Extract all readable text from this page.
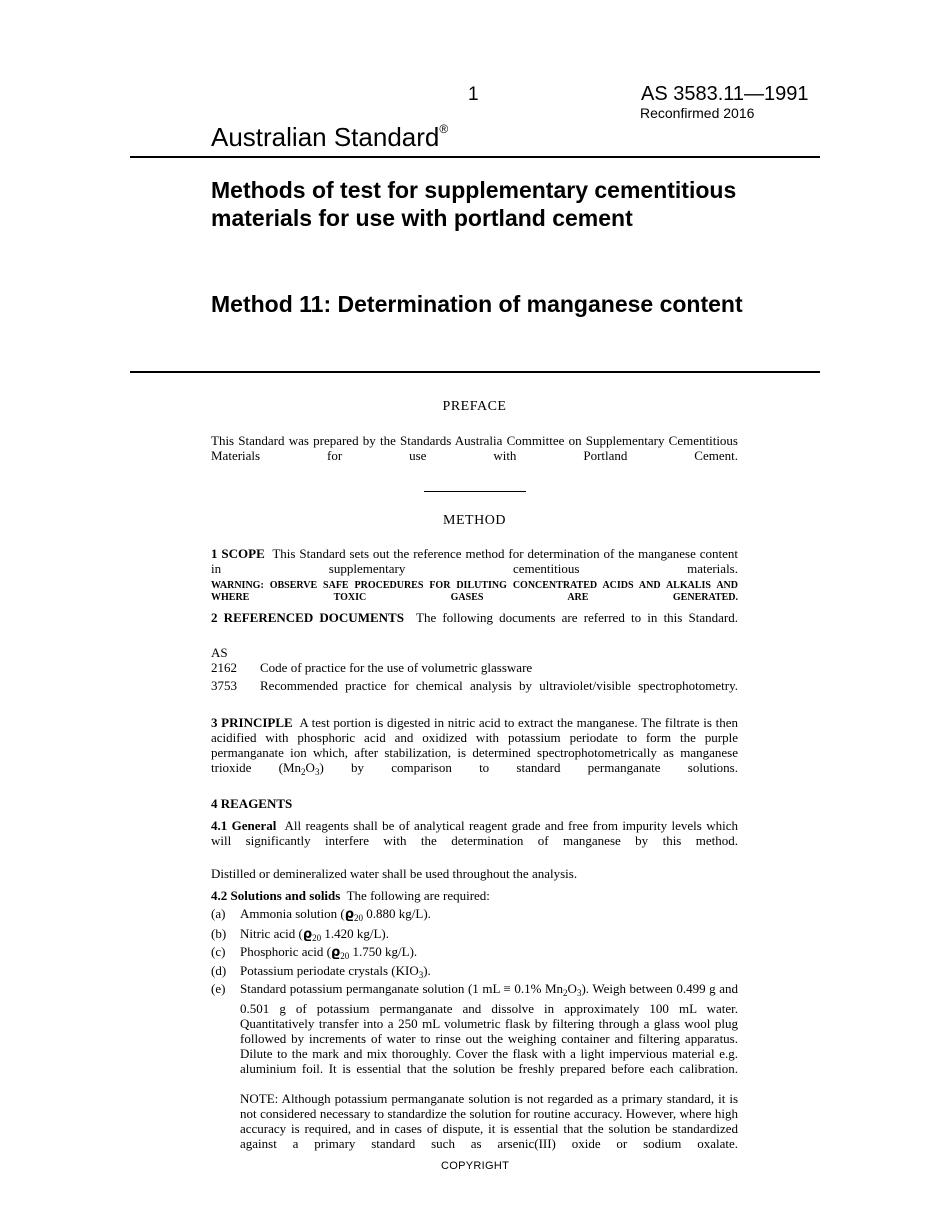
1	AS 3583.11—1991
Reconfirmed 2016
Australian Standard®
Methods of test for supplementary cementitious materials for use with portland cement
Method 11: Determination of manganese content
PREFACE
This Standard was prepared by the Standards Australia Committee on Supplementary Cementitious Materials for use with Portland Cement.
METHOD
1 SCOPE This Standard sets out the reference method for determination of the manganese content in supplementary cementitious materials.
WARNING: OBSERVE SAFE PROCEDURES FOR DILUTING CONCENTRATED ACIDS AND ALKALIS AND WHERE TOXIC GASES ARE GENERATED.
2 REFERENCED DOCUMENTS The following documents are referred to in this Standard.
AS
2162 Code of practice for the use of volumetric glassware
3753 Recommended practice for chemical analysis by ultraviolet/visible spectrophotometry.
3 PRINCIPLE A test portion is digested in nitric acid to extract the manganese. The filtrate is then acidified with phosphoric acid and oxidized with potassium periodate to form the purple permanganate ion which, after stabilization, is determined spectrophotometrically as manganese trioxide $(Mn_2O_3)$ by comparison to standard permanganate solutions.
4 REAGENTS
4.1 General All reagents shall be of analytical reagent grade and free from impurity levels which will significantly interfere with the determination of manganese by this method.
Distilled or demineralized water shall be used throughout the analysis.
4.2 Solutions and solids The following are required:
(a) Ammonia solution ($ϱ_{20}$ 0.880 kg/L).
(b) Nitric acid ($ϱ_{20}$ 1.420 kg/L).
(c) Phosphoric acid ($ϱ_{20}$ 1.750 kg/L).
(d) Potassium periodate crystals $(KIO_3)$.
(e) Standard potassium permanganate solution (1 mL ≡ 0.1% $Mn_2O_3$). Weigh between 0.499 g and 0.501 g of potassium permanganate and dissolve in approximately 100 mL water. Quantitatively transfer into a 250 mL volumetric flask by filtering through a glass wool plug followed by increments of water to rinse out the weighing container and filtering apparatus. Dilute to the mark and mix thoroughly. Cover the flask with a light impervious material e.g. aluminium foil. It is essential that the solution be freshly prepared before each calibration.
NOTE: Although potassium permanganate solution is not regarded as a primary standard, it is not considered necessary to standardize the solution for routine accuracy. However, where high accuracy is required, and in cases of dispute, it is essential that the solution be standardized against a primary standard such as arsenic(III) oxide or sodium oxalate.
COPYRIGHT
